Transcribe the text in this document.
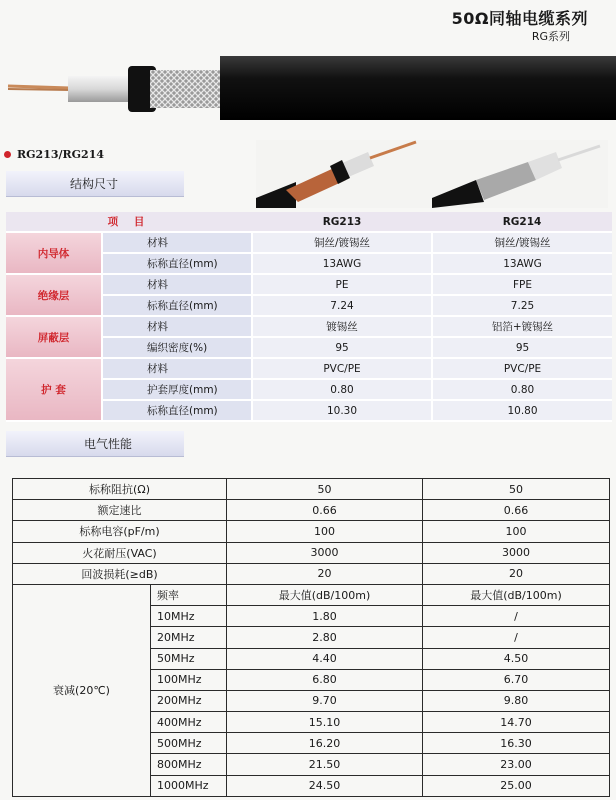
50Ω同轴电缆系列
RG系列
RG213/RG214
结构尺寸
项 目		RG213	RG214
内导体	材料	铜丝/镀锡丝	铜丝/镀锡丝
	标称直径(mm)	13AWG	13AWG
绝缘层	材料	PE	FPE
	标称直径(mm)	7.24	7.25
屏蔽层	材料	镀锡丝	铝箔+镀锡丝
	编织密度(%)	95	95
护 套	材料	PVC/PE	PVC/PE
	护套厚度(mm)	0.80	0.80
	标称直径(mm)	10.30	10.80
电气性能
标称阻抗(Ω)		50	50
额定速比		0.66	0.66
标称电容(pF/m)		100	100
火花耐压(VAC)		3000	3000
回波损耗(≥dB)		20	20
衰减(20℃)	频率	最大值(dB/100m)	最大值(dB/100m)
	10MHz	1.80	/
	20MHz	2.80	/
	50MHz	4.40	4.50
	100MHz	6.80	6.70
	200MHz	9.70	9.80
	400MHz	15.10	14.70
	500MHz	16.20	16.30
	800MHz	21.50	23.00
	1000MHz	24.50	25.00
